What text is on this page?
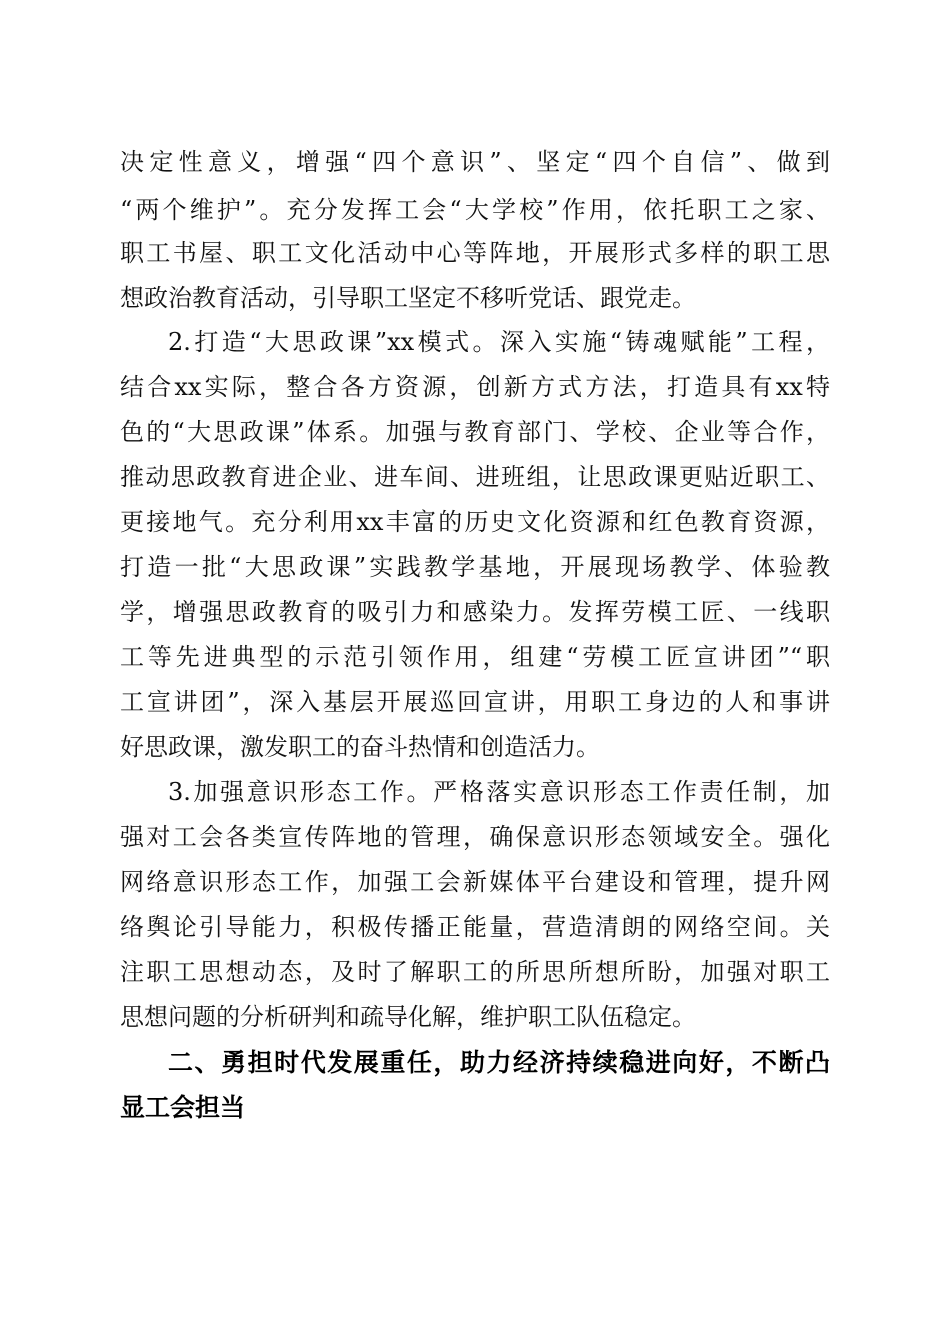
决定性意义，增强“四个意识”、坚定“四个自信”、做到
“两个维护”。充分发挥工会“大学校”作用，依托职工之家、
职工书屋、职工文化活动中心等阵地，开展形式多样的职工思
想政治教育活动，引导职工坚定不移听党话、跟党走。
2.打造“大思政课”xx模式。深入实施“铸魂赋能”工程，
结合xx实际，整合各方资源，创新方式方法，打造具有xx特
色的“大思政课”体系。加强与教育部门、学校、企业等合作，
推动思政教育进企业、进车间、进班组，让思政课更贴近职工、
更接地气。充分利用xx丰富的历史文化资源和红色教育资源，
打造一批“大思政课”实践教学基地，开展现场教学、体验教
学，增强思政教育的吸引力和感染力。发挥劳模工匠、一线职
工等先进典型的示范引领作用，组建“劳模工匠宣讲团”“职
工宣讲团”，深入基层开展巡回宣讲，用职工身边的人和事讲
好思政课，激发职工的奋斗热情和创造活力。
3.加强意识形态工作。严格落实意识形态工作责任制，加
强对工会各类宣传阵地的管理，确保意识形态领域安全。强化
网络意识形态工作，加强工会新媒体平台建设和管理，提升网
络舆论引导能力，积极传播正能量，营造清朗的网络空间。关
注职工思想动态，及时了解职工的所思所想所盼，加强对职工
思想问题的分析研判和疏导化解，维护职工队伍稳定。
二、勇担时代发展重任，助力经济持续稳进向好，不断凸
显工会担当
